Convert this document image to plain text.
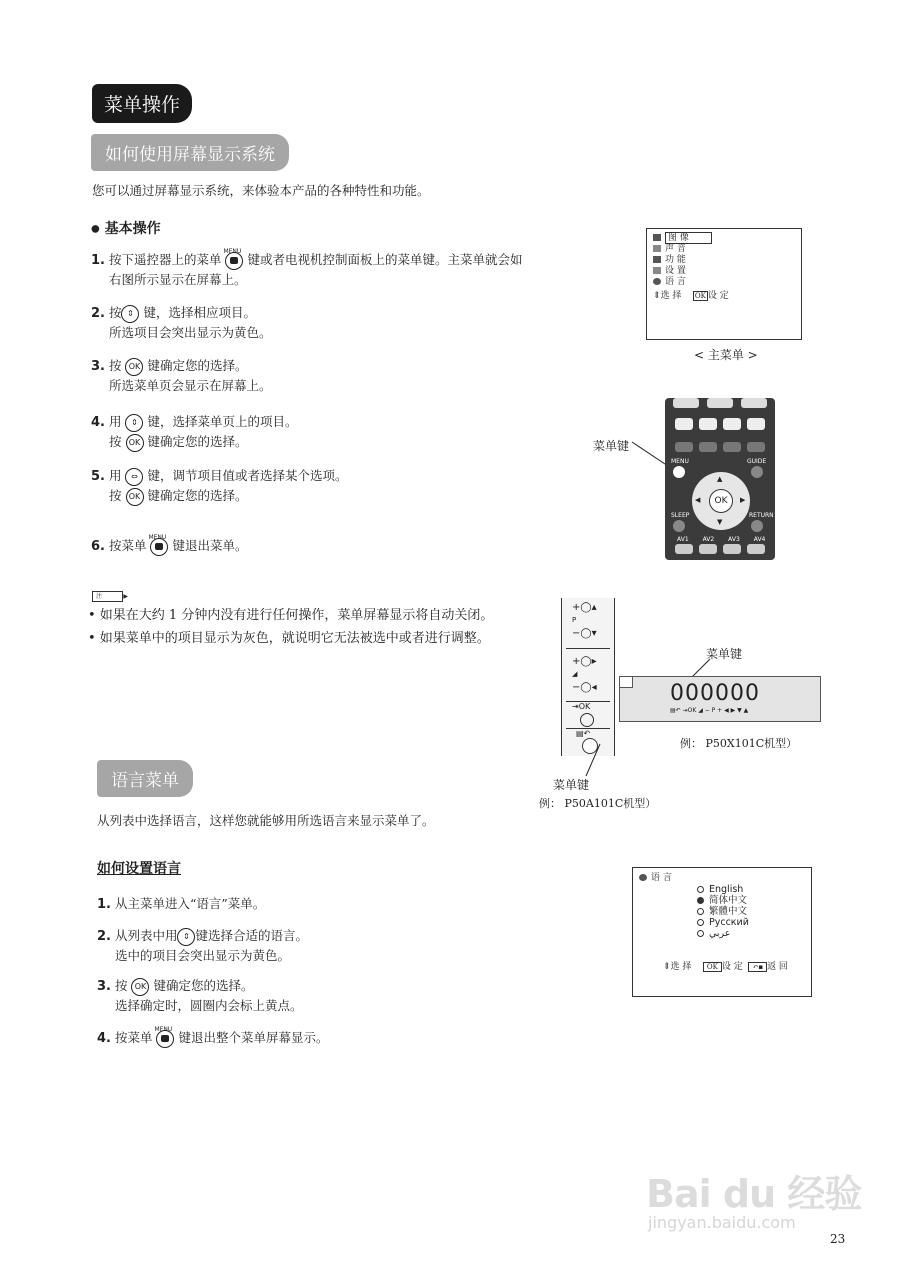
菜单操作
如何使用屏幕显示系统
您可以通过屏幕显示系统，来体验本产品的各种特性和功能。
● 基本操作
1. 按下遥控器上的菜单
MENU
键或者电视机控制面板上的菜单键。主菜单就会如
右图所示显示在屏幕上。
2. 按 ⇕ 键，选择相应项目。
所选项目会突出显示为黄色。
3. 按 OK 键确定您的选择。
所选菜单页会显示在屏幕上。
4. 用 ⇕ 键，选择菜单页上的项目。
按 OK 键确定您的选择。
5. 用 ⇔ 键，调节项目值或者选择某个选项。
按 OK 键确定您的选择。
6. 按菜单
MENU
键退出菜单。
图 像
声 音
功 能
设 置
语 言
⇕选 择 OK 设 定
< 主菜单 >
菜单键
MENU	GUIDE
OK
▲
▼
◀	▶
SLEEP	RETURN
AV1 AV2 AV3 AV4
注	▶
• 如果在大约 1 分钟内没有进行任何操作，菜单屏幕显示将自动关闭。
• 如果菜单中的项目显示为灰色，就说明它无法被选中或者进行调整。
+◯▴
P
−◯▾
+◯▸
◢
−◯◂
⇥OK
▤↶
菜单键
例： P50A101C机型）
菜单键
000000
▤↶ ⇥OK ◢ − P + ◀ ▶ ▼ ▲
例： P50X101C机型）
语言菜单
从列表中选择语言，这样您就能够用所选语言来显示菜单了。
如何设置语言
1. 从主菜单进入“语言”菜单。
2. 从列表中用 ⇕ 键选择合适的语言。
选中的项目会突出显示为黄色。
3. 按 OK 键确定您的选择。
选择确定时，圆圈内会标上黄点。
4. 按菜单
MENU
键退出整个菜单屏幕显示。
语 言
English
简体中文
繁體中文
Pусский
عربي
⇕选 择 OK 设 定 ↶▪ 返 回
Bai du 经验
jingyan.baidu.com
23
